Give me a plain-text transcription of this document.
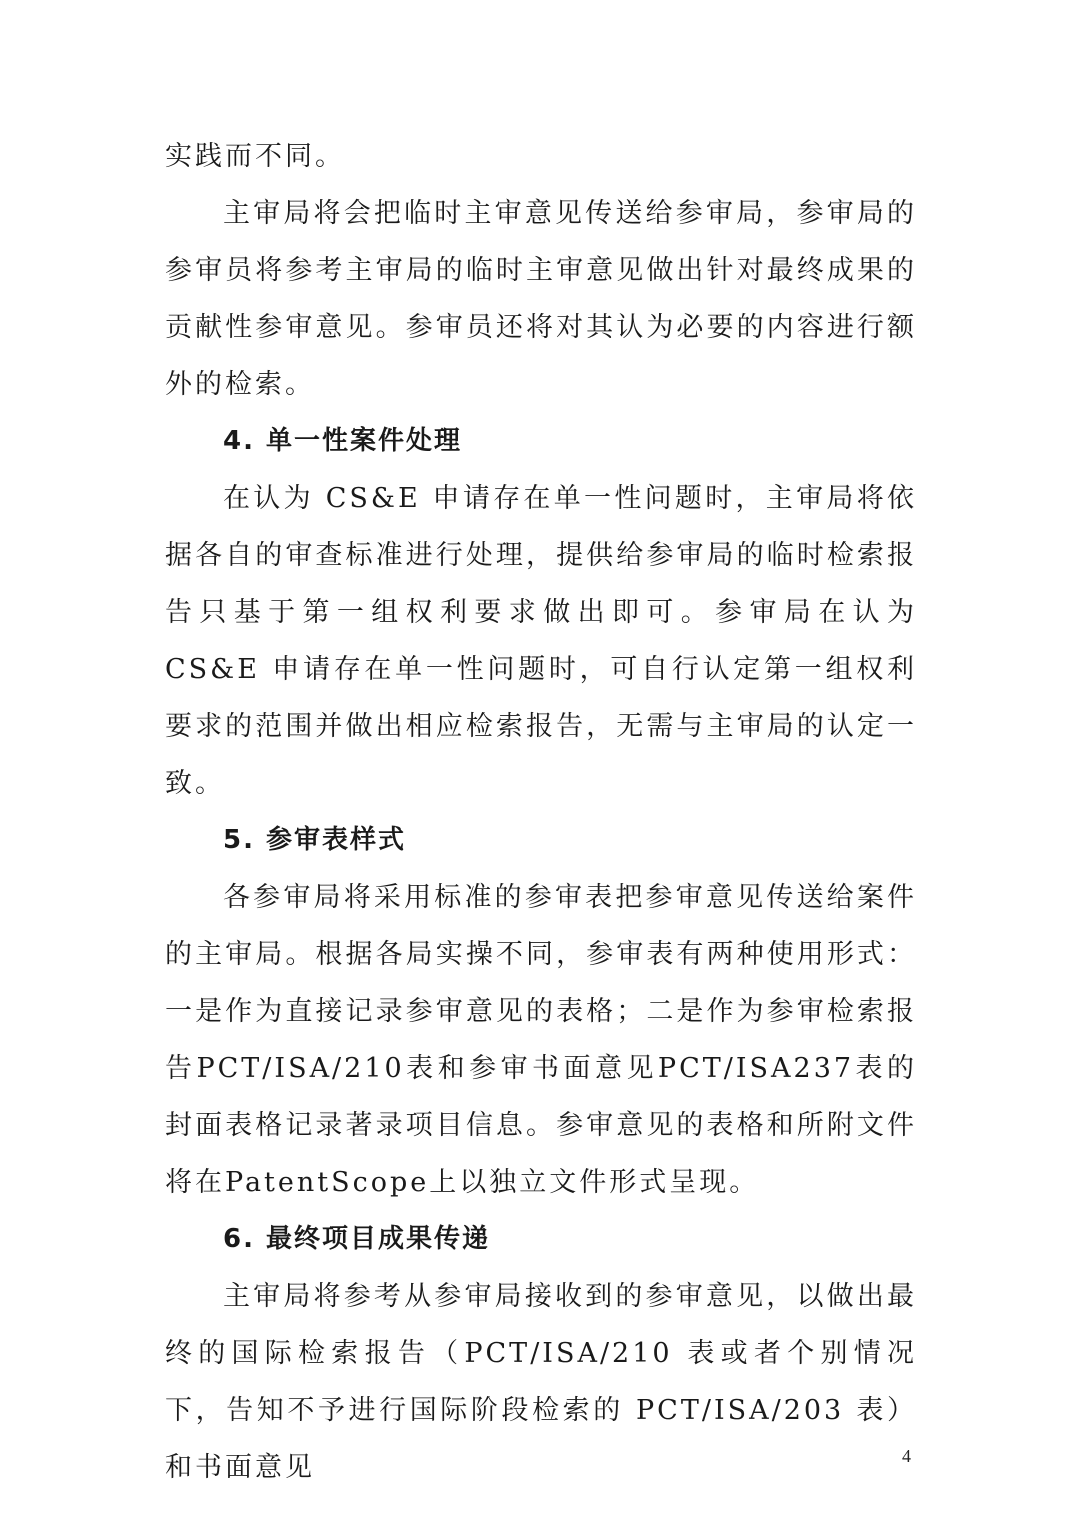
实践而不同。

主审局将会把临时主审意见传送给参审局，参审局的参审员将参考主审局的临时主审意见做出针对最终成果的贡献性参审意见。参审员还将对其认为必要的内容进行额外的检索。

4. 单一性案件处理

在认为 CS&E 申请存在单一性问题时，主审局将依据各自的审查标准进行处理，提供给参审局的临时检索报告只基于第一组权利要求做出即可。参审局在认为 CS&E 申请存在单一性问题时，可自行认定第一组权利要求的范围并做出相应检索报告，无需与主审局的认定一致。

5. 参审表样式

各参审局将采用标准的参审表把参审意见传送给案件的主审局。根据各局实操不同，参审表有两种使用形式：一是作为直接记录参审意见的表格；二是作为参审检索报告PCT/ISA/210表和参审书面意见PCT/ISA237表的封面表格记录著录项目信息。参审意见的表格和所附文件将在PatentScope上以独立文件形式呈现。

6. 最终项目成果传递

主审局将参考从参审局接收到的参审意见，以做出最终的国际检索报告（PCT/ISA/210 表或者个别情况下，告知不予进行国际阶段检索的 PCT/ISA/203 表）和书面意见	4
